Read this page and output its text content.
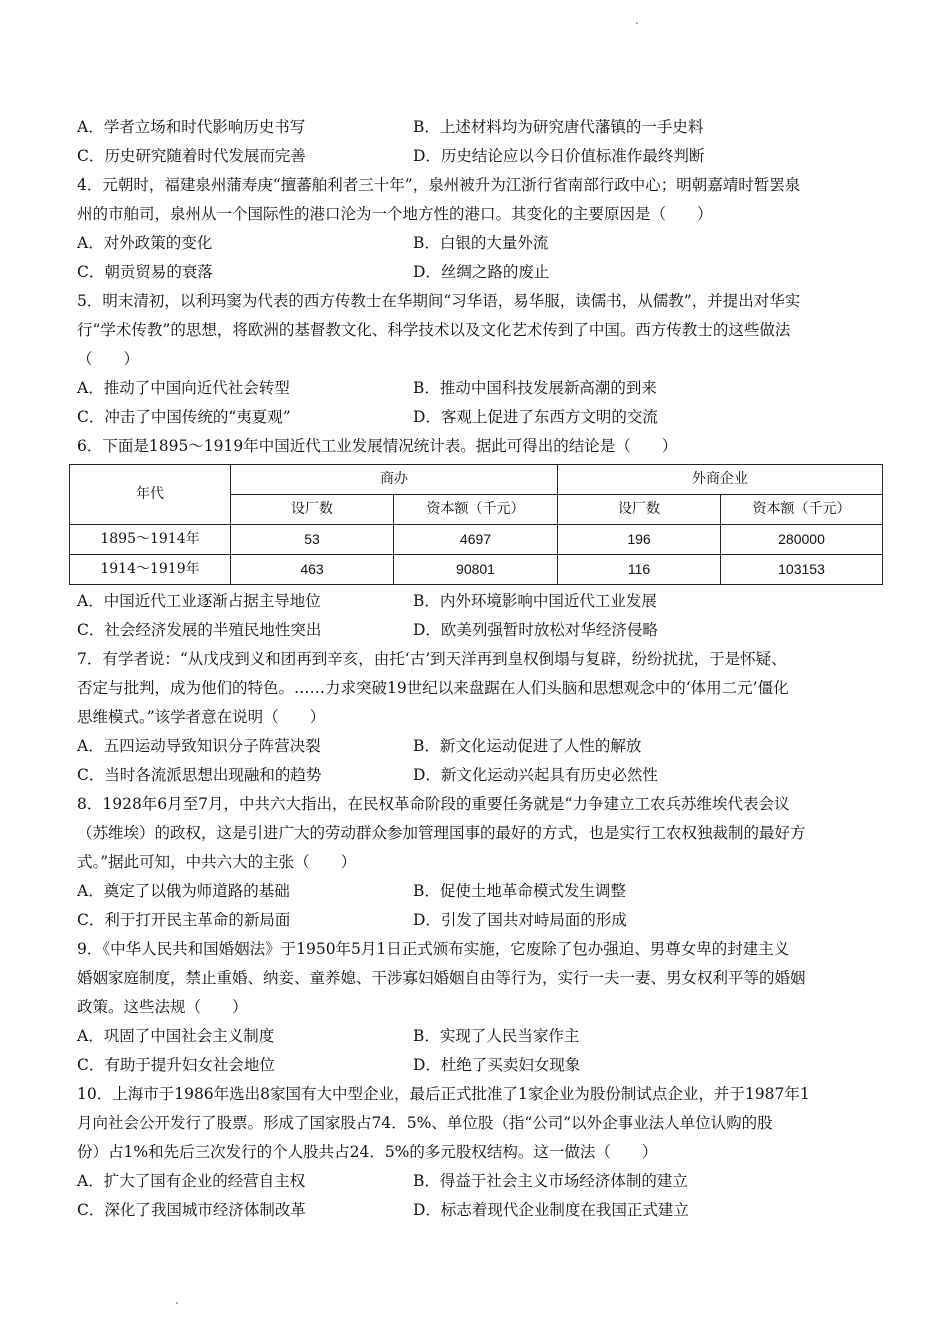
A．学者立场和时代影响历史书写	B．上述材料均为研究唐代藩镇的一手史料
C．历史研究随着时代发展而完善	D．历史结论应以今日价值标准作最终判断
4．元朝时，福建泉州蒲寿庚“擅蕃舶利者三十年”，泉州被升为江浙行省南部行政中心；明朝嘉靖时暂罢泉
州的市舶司，泉州从一个国际性的港口沦为一个地方性的港口。其变化的主要原因是（　　）
A．对外政策的变化	B．白银的大量外流
C．朝贡贸易的衰落	D．丝绸之路的废止
5．明末清初，以利玛窦为代表的西方传教士在华期间“习华语，易华服，读儒书，从儒教”，并提出对华实
行“学术传教”的思想，将欧洲的基督教文化、科学技术以及文化艺术传到了中国。西方传教士的这些做法
（　　）
A．推动了中国向近代社会转型	B．推动中国科技发展新高潮的到来
C．冲击了中国传统的“夷夏观”	D．客观上促进了东西方文明的交流
6．下面是1895～1919年中国近代工业发展情况统计表。据此可得出的结论是（　　）
年代	商办		外商企业	
	设厂数	资本额（千元）	设厂数	资本额（千元）
1895～1914年	53	4697	196	280000
1914～1919年	463	90801	116	103153
A．中国近代工业逐渐占据主导地位	B．内外环境影响中国近代工业发展
C．社会经济发展的半殖民地性突出	D．欧美列强暂时放松对华经济侵略
7．有学者说：“从戊戌到义和团再到辛亥，由托‘古’到天洋再到皇权倒塌与复辟，纷纷扰扰，于是怀疑、
否定与批判，成为他们的特色。……力求突破19世纪以来盘踞在人们头脑和思想观念中的‘体用二元’僵化
思维模式。”该学者意在说明（　　）
A．五四运动导致知识分子阵营决裂	B．新文化运动促进了人性的解放
C．当时各流派思想出现融和的趋势	D．新文化运动兴起具有历史必然性
8．1928年6月至7月，中共六大指出，在民权革命阶段的重要任务就是“力争建立工农兵苏维埃代表会议
（苏维埃）的政权，这是引进广大的劳动群众参加管理国事的最好的方式，也是实行工农权独裁制的最好方
式。”据此可知，中共六大的主张（　　）
A．奠定了以俄为师道路的基础	B．促使土地革命模式发生调整
C．利于打开民主革命的新局面	D．引发了国共对峙局面的形成
9．《中华人民共和国婚姻法》于1950年5月1日正式颁布实施，它废除了包办强迫、男尊女卑的封建主义
婚姻家庭制度，禁止重婚、纳妾、童养媳、干涉寡妇婚姻自由等行为，实行一夫一妻、男女权利平等的婚姻
政策。这些法规（　　）
A．巩固了中国社会主义制度	B．实现了人民当家作主
C．有助于提升妇女社会地位	D．杜绝了买卖妇女现象
10．上海市于1986年选出8家国有大中型企业，最后正式批准了1家企业为股份制试点企业，并于1987年1
月向社会公开发行了股票。形成了国家股占74．5%、单位股（指“公司”以外企事业法人单位认购的股
份）占1%和先后三次发行的个人股共占24．5%的多元股权结构。这一做法（　　）
A．扩大了国有企业的经营自主权	B．得益于社会主义市场经济体制的建立
C．深化了我国城市经济体制改革	D．标志着现代企业制度在我国正式建立
